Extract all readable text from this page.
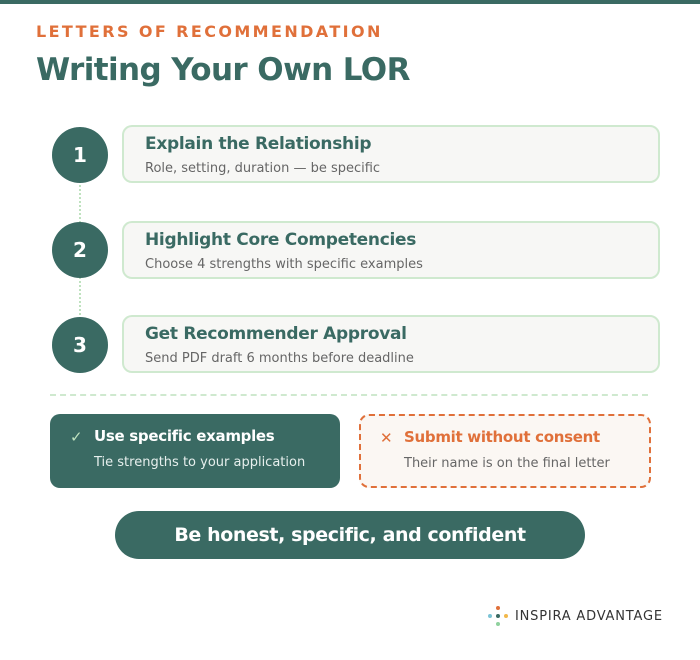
LETTERS OF RECOMMENDATION
Writing Your Own LOR
1	Explain the Relationship
Role, setting, duration — be specific
2	Highlight Core Competencies
Choose 4 strengths with specific examples
3	Get Recommender Approval
Send PDF draft 6 months before deadline
✓ Use specific examples
Tie strengths to your application
✕ Submit without consent
Their name is on the final letter
Be honest, specific, and confident
INSPIRA ADVANTAGE
